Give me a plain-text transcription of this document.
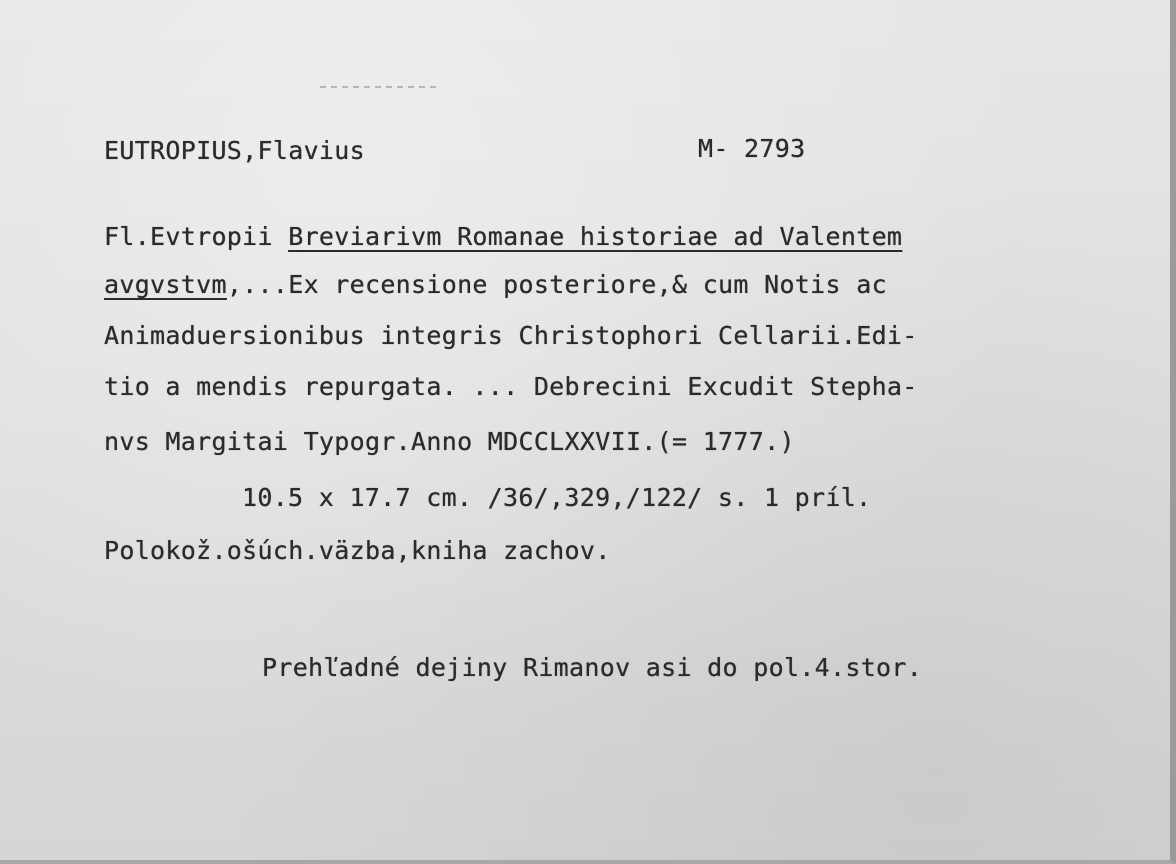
EUTROPIUS,Flavius	M- 2793
Fl.Evtropii Breviarivm Romanae historiae ad Valentem
avgvstvm,...Ex recensione posteriore,& cum Notis ac
Animaduersionibus integris Christophori Cellarii.Edi-
tio a mendis repurgata. ... Debrecini Excudit Stepha-
nvs Margitai Typogr.Anno MDCCLXXVII.(= 1777.)
10.5 x 17.7 cm. /36/,329,/122/ s. 1 príl.
Polokož.ošúch.väzba,kniha zachov.
Prehľadné dejiny Rimanov asi do pol.4.stor.
